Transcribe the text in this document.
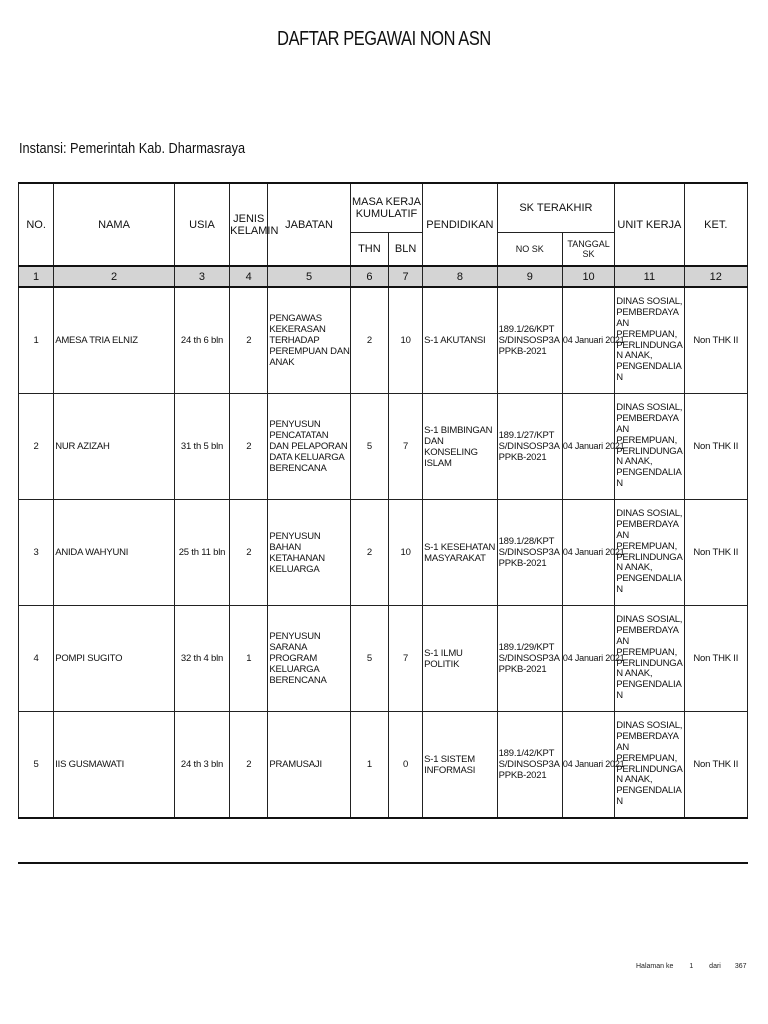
DAFTAR PEGAWAI NON ASN
Instansi: Pemerintah Kab. Dharmasraya
NO.	NAMA	USIA	JENIS KELAMIN	JABATAN	MASA KERJA KUMULATIF		PENDIDIKAN	SK TERAKHIR		UNIT KERJA	KET.
					THN	BLN		NO SK	TANGGAL SK		
1	2	3	4	5	6	7	8	9	10	11	12

1	AMESA TRIA ELNIZ	24 th 6 bln	2	PENGAWAS KEKERASAN TERHADAP PEREMPUAN DAN ANAK	2	10	S-1 AKUTANSI	189.1/26/KPTS/DINSOSP3APPKB-2021	04 Januari 2021	DINAS SOSIAL, PEMBERDAYAAN PEREMPUAN, PERLINDUNGAN ANAK, PENGENDALIAN	Non THK II

2	NUR AZIZAH	31 th 5 bln	2	PENYUSUN PENCATATAN DAN PELAPORAN DATA KELUARGA BERENCANA	5	7	S-1 BIMBINGAN DAN KONSELING ISLAM	189.1/27/KPTS/DINSOSP3APPKB-2021	04 Januari 2021	DINAS SOSIAL, PEMBERDAYAAN PEREMPUAN, PERLINDUNGAN ANAK, PENGENDALIAN	Non THK II

3	ANIDA WAHYUNI	25 th 11 bln	2	PENYUSUN BAHAN KETAHANAN KELUARGA	2	10	S-1 KESEHATAN MASYARAKAT	189.1/28/KPTS/DINSOSP3APPKB-2021	04 Januari 2021	DINAS SOSIAL, PEMBERDAYAAN PEREMPUAN, PERLINDUNGAN ANAK, PENGENDALIAN	Non THK II

4	POMPI SUGITO	32 th 4 bln	1	PENYUSUN SARANA PROGRAM KELUARGA BERENCANA	5	7	S-1 ILMU POLITIK	189.1/29/KPTS/DINSOSP3APPKB-2021	04 Januari 2021	DINAS SOSIAL, PEMBERDAYAAN PEREMPUAN, PERLINDUNGAN ANAK, PENGENDALIAN	Non THK II

5	IIS GUSMAWATI	24 th 3 bln	2	PRAMUSAJI	1	0	S-1 SISTEM INFORMASI	189.1/42/KPTS/DINSOSP3APPKB-2021	04 Januari 2021	DINAS SOSIAL, PEMBERDAYAAN PEREMPUAN, PERLINDUNGAN ANAK, PENGENDALIAN	Non THK II
Halaman ke 1 dari 367
